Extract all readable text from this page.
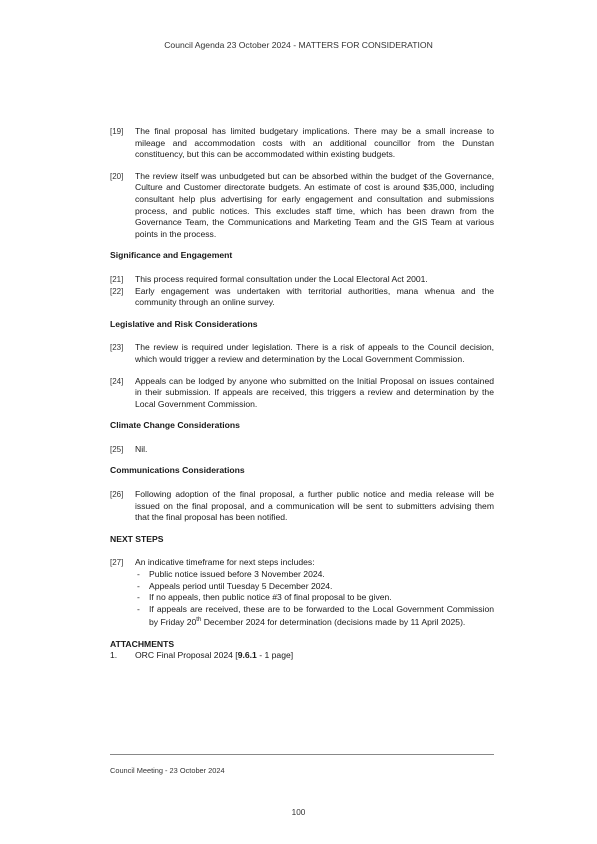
Council Agenda 23 October 2024 - MATTERS FOR CONSIDERATION
[19]	The final proposal has limited budgetary implications. There may be a small increase to mileage and accommodation costs with an additional councillor from the Dunstan constituency, but this can be accommodated within existing budgets.
[20]	The review itself was unbudgeted but can be absorbed within the budget of the Governance, Culture and Customer directorate budgets. An estimate of cost is around $35,000, including consultant help plus advertising for early engagement and consultation and submissions process, and public notices. This excludes staff time, which has been drawn from the Governance Team, the Communications and Marketing Team and the GIS Team at various points in the process.
Significance and Engagement
[21]	This process required formal consultation under the Local Electoral Act 2001.
[22]	Early engagement was undertaken with territorial authorities, mana whenua and the community through an online survey.
Legislative and Risk Considerations
[23]	The review is required under legislation. There is a risk of appeals to the Council decision, which would trigger a review and determination by the Local Government Commission.
[24]	Appeals can be lodged by anyone who submitted on the Initial Proposal on issues contained in their submission. If appeals are received, this triggers a review and determination by the Local Government Commission.
Climate Change Considerations
[25]	Nil.
Communications Considerations
[26]	Following adoption of the final proposal, a further public notice and media release will be issued on the final proposal, and a communication will be sent to submitters advising them that the final proposal has been notified.
NEXT STEPS
[27]	An indicative timeframe for next steps includes:
- Public notice issued before 3 November 2024.
- Appeals period until Tuesday 5 December 2024.
- If no appeals, then public notice #3 of final proposal to be given.
- If appeals are received, these are to be forwarded to the Local Government Commission by Friday 20th December 2024 for determination (decisions made by 11 April 2025).
ATTACHMENTS
1.	ORC Final Proposal 2024 [9.6.1 - 1 page]
Council Meeting - 23 October 2024
100
